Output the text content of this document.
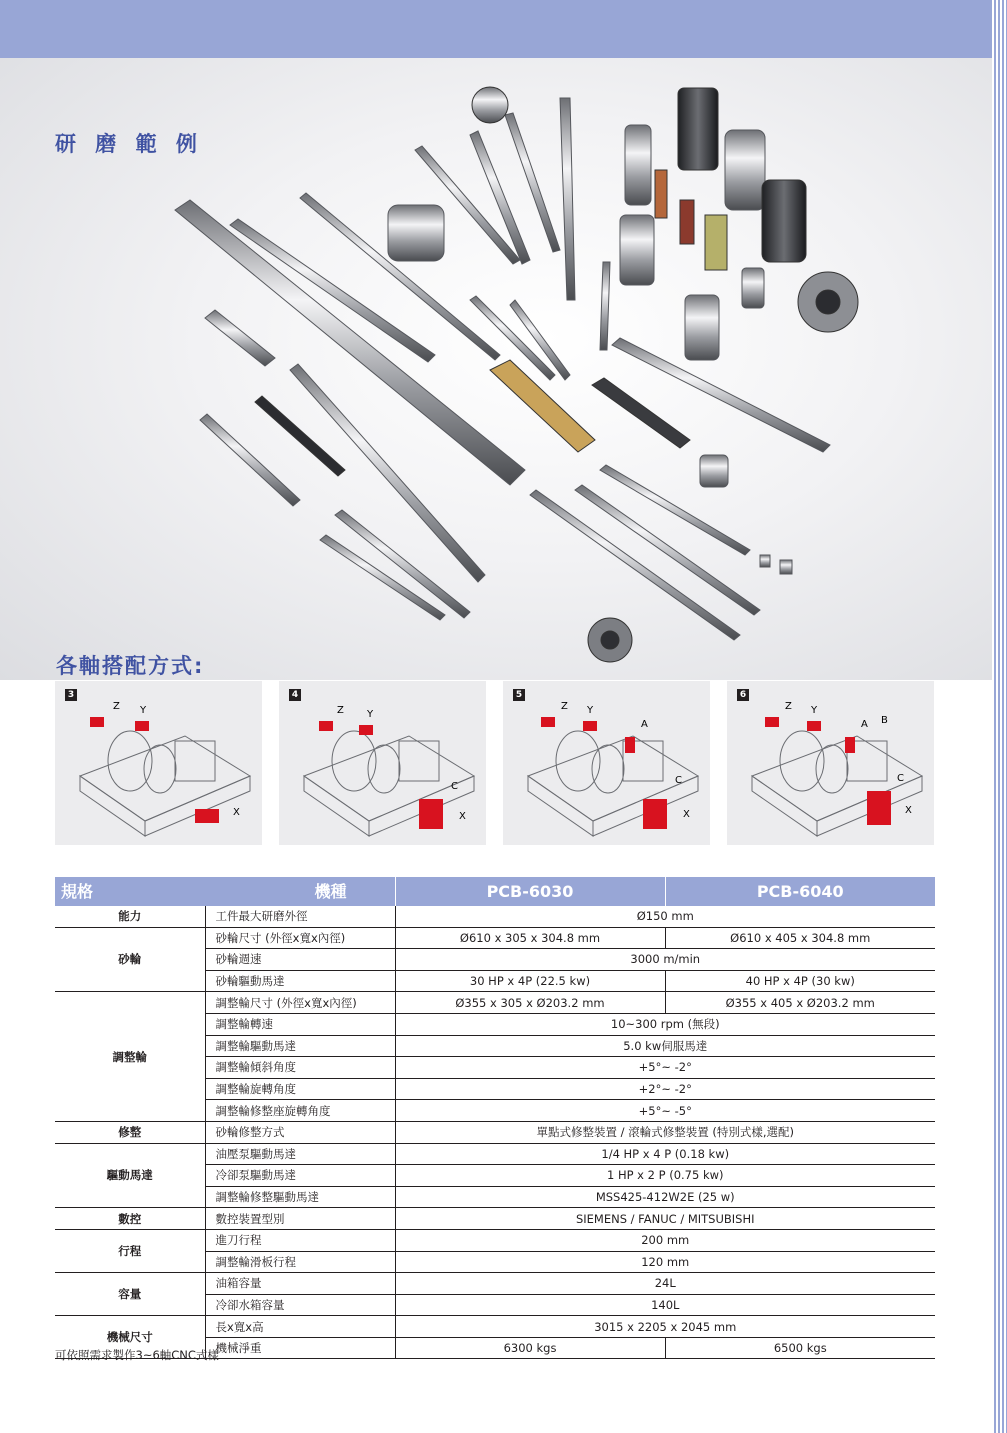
研 磨 範 例
各軸搭配方式:
3
Z Y
X
4
Z Y
C
X
5
Z Y
A
C
X
6
Z Y
A B
C
X
規格	機種	PCB-6030	PCB-6040
能力	工件最大研磨外徑	Ø150 mm	
砂輪	砂輪尺寸 (外徑x寬x內徑)	Ø610 x 305 x 304.8 mm	Ø610 x 405 x 304.8 mm
	砂輪週速	3000 m/min	
	砂輪驅動馬達	30 HP x 4P (22.5 kw)	40 HP x 4P (30 kw)
調整輪	調整輪尺寸 (外徑x寬x內徑)	Ø355 x 305 x Ø203.2 mm	Ø355 x 405 x Ø203.2 mm
	調整輪轉速	10~300 rpm (無段)	
	調整輪驅動馬達	5.0 kw伺服馬達	
	調整輪傾斜角度	+5°~ -2°	
	調整輪旋轉角度	+2°~ -2°	
	調整輪修整座旋轉角度	+5°~ -5°	
修整	砂輪修整方式	單點式修整裝置 / 滾輪式修整裝置 (特別式樣,選配)	
驅動馬達	油壓泵驅動馬達	1/4 HP x 4 P (0.18 kw)	
	冷卻泵驅動馬達	1 HP x 2 P (0.75 kw)	
	調整輪修整驅動馬達	MSS425-412W2E (25 w)	
數控	數控裝置型別	SIEMENS / FANUC / MITSUBISHI	
行程	進刀行程	200 mm	
	調整輪滑板行程	120 mm	
容量	油箱容量	24L	
	冷卻水箱容量	140L	
機械尺寸	長x寬x高	3015 x 2205 x 2045 mm	
	機械淨重	6300 kgs	6500 kgs

可依照需求製作3~6軸CNC式樣
